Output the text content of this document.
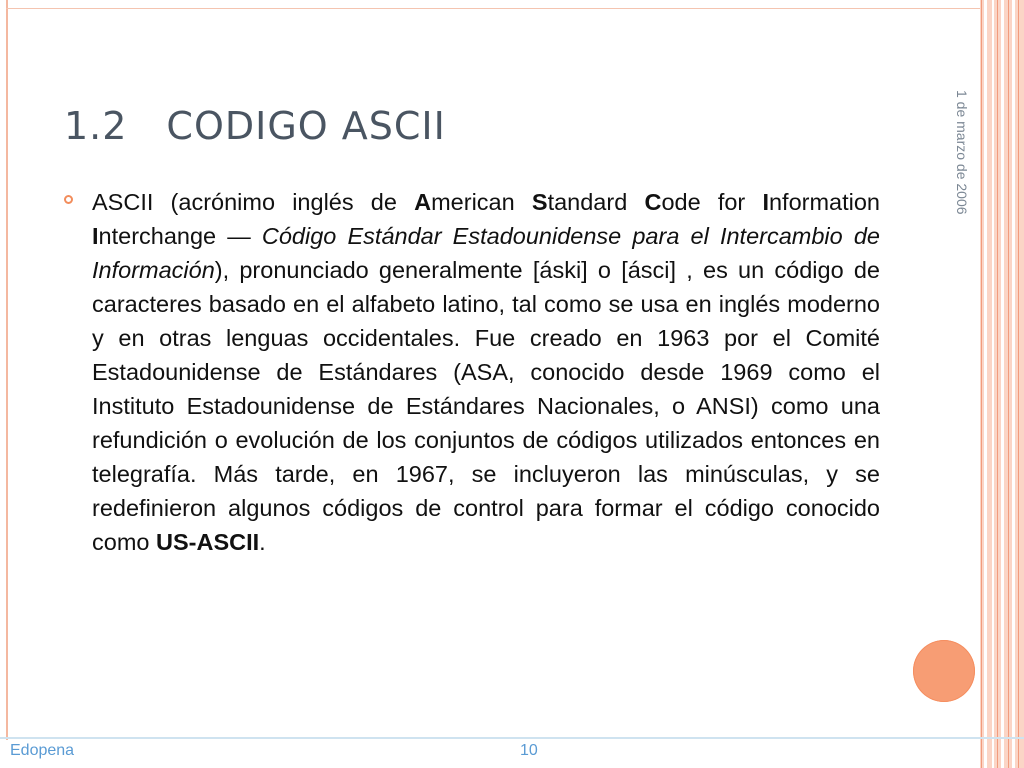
1.2 CODIGO ASCII	1 de marzo de 2006

ASCII (acrónimo inglés de American Standard Code for Information Interchange — Código Estándar Estadounidense para el Intercambio de Información), pronunciado generalmente [áski] o [ásci] , es un código de caracteres basado en el alfabeto latino, tal como se usa en inglés moderno y en otras lenguas occidentales. Fue creado en 1963 por el Comité Estadounidense de Estándares (ASA, conocido desde 1969 como el Instituto Estadounidense de Estándares Nacionales, o ANSI) como una refundición o evolución de los conjuntos de códigos utilizados entonces en telegrafía. Más tarde, en 1967, se incluyeron las minúsculas, y se redefinieron algunos códigos de control para formar el código conocido como US-ASCII.

Edopena	10
